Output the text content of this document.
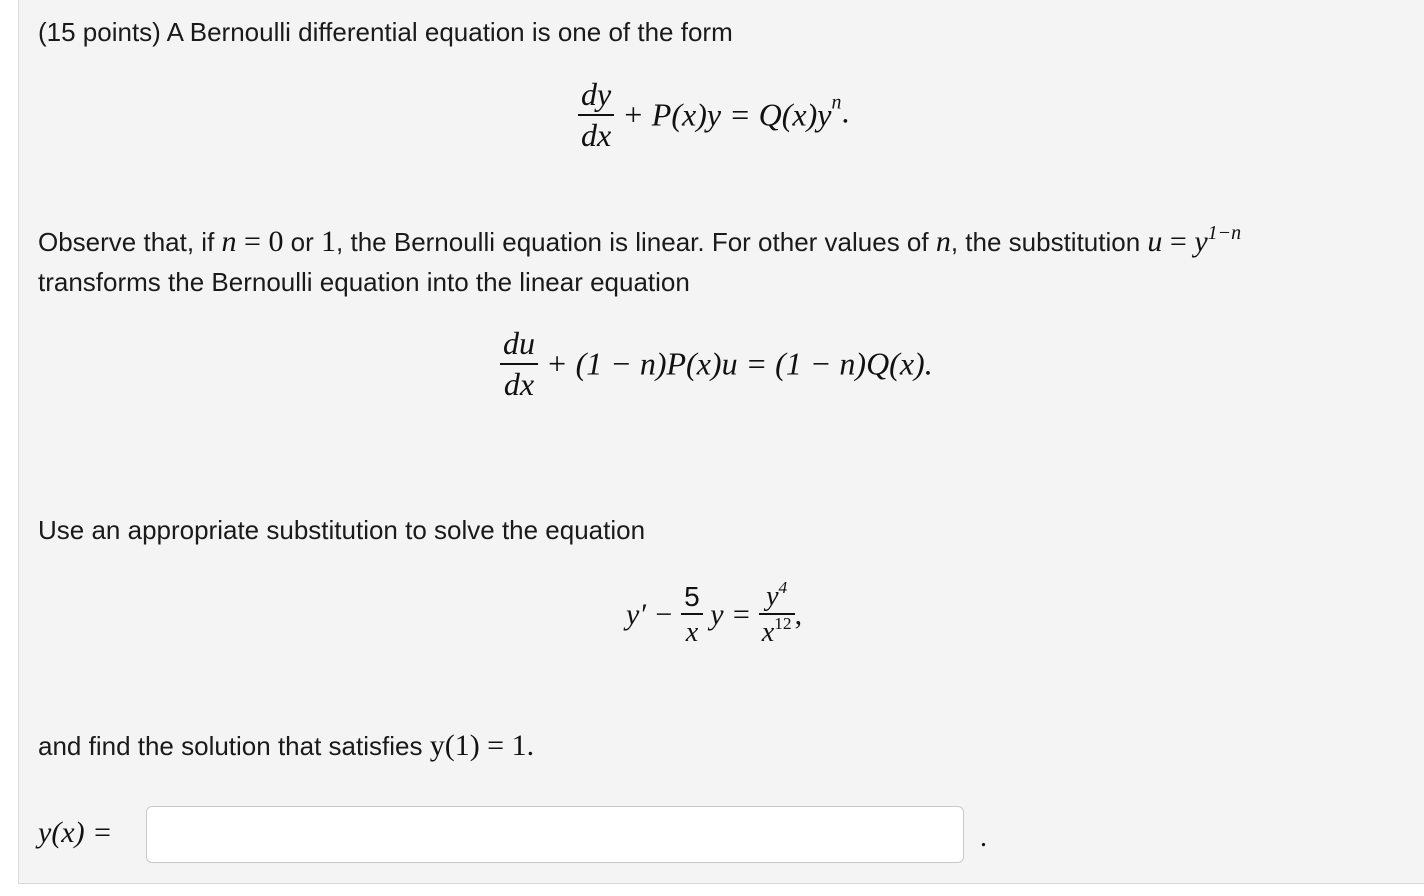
(15 points) A Bernoulli differential equation is one of the form
$\frac{dy}{dx} + P(x)y = Q(x)y^n$.
Observe that, if n = 0 or 1, the Bernoulli equation is linear. For other values of n, the substitution $u = y^{1-n}$
transforms the Bernoulli equation into the linear equation
$\frac{du}{dx} + (1 - n)P(x)u = (1 - n)Q(x)$.
Use an appropriate substitution to solve the equation
$y' - \frac{5}{x}$ $y = \frac{y^4}{x^{12}}$ ,
and find the solution that satisfies y(1) = 1.
y(x) =	.
